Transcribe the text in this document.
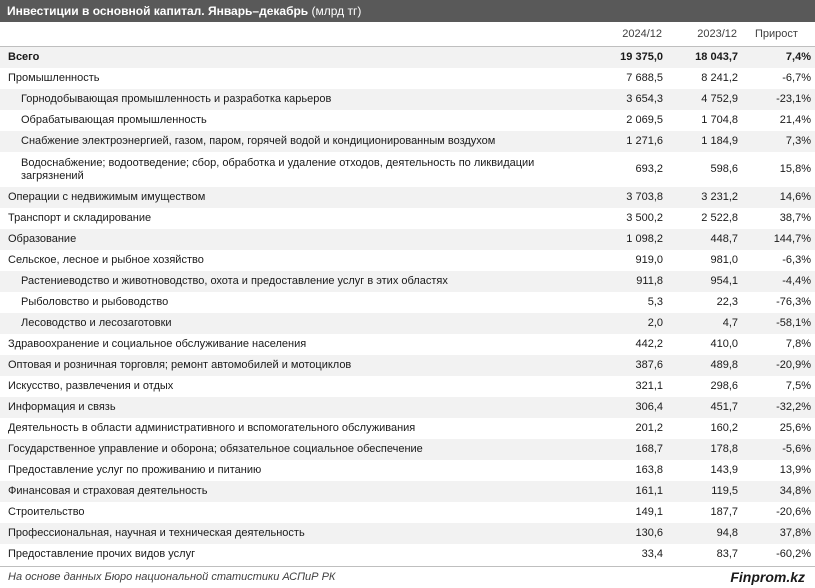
Инвестиции в основной капитал. Январь–декабрь (млрд тг)
	2024/12	2023/12	Прирост
Всего	19 375,0	18 043,7	7,4%
Промышленность	7 688,5	8 241,2	-6,7%
Горнодобывающая промышленность и разработка карьеров	3 654,3	4 752,9	-23,1%
Обрабатывающая промышленность	2 069,5	1 704,8	21,4%
Снабжение электроэнергией, газом, паром, горячей водой и кондиционированным воздухом	1 271,6	1 184,9	7,3%
Водоснабжение; водоотведение; сбор, обработка и удаление отходов, деятельность по ликвидации загрязнений	693,2	598,6	15,8%
Операции с недвижимым имуществом	3 703,8	3 231,2	14,6%
Транспорт и складирование	3 500,2	2 522,8	38,7%
Образование	1 098,2	448,7	144,7%
Сельское, лесное и рыбное хозяйство	919,0	981,0	-6,3%
Растениеводство и животноводство, охота и предоставление услуг в этих областях	911,8	954,1	-4,4%
Рыболовство и рыбоводство	5,3	22,3	-76,3%
Лесоводство и лесозаготовки	2,0	4,7	-58,1%
Здравоохранение и социальное обслуживание населения	442,2	410,0	7,8%
Оптовая и розничная торговля; ремонт автомобилей и мотоциклов	387,6	489,8	-20,9%
Искусство, развлечения и отдых	321,1	298,6	7,5%
Информация и связь	306,4	451,7	-32,2%
Деятельность в области административного и вспомогательного обслуживания	201,2	160,2	25,6%
Государственное управление и оборона; обязательное социальное обеспечение	168,7	178,8	-5,6%
Предоставление услуг по проживанию и питанию	163,8	143,9	13,9%
Финансовая и страховая деятельность	161,1	119,5	34,8%
Строительство	149,1	187,7	-20,6%
Профессиональная, научная и техническая деятельность	130,6	94,8	37,8%
Предоставление прочих видов услуг	33,4	83,7	-60,2%
На основе данных Бюро национальной статистики АСПиР РК	Finprom.kz
